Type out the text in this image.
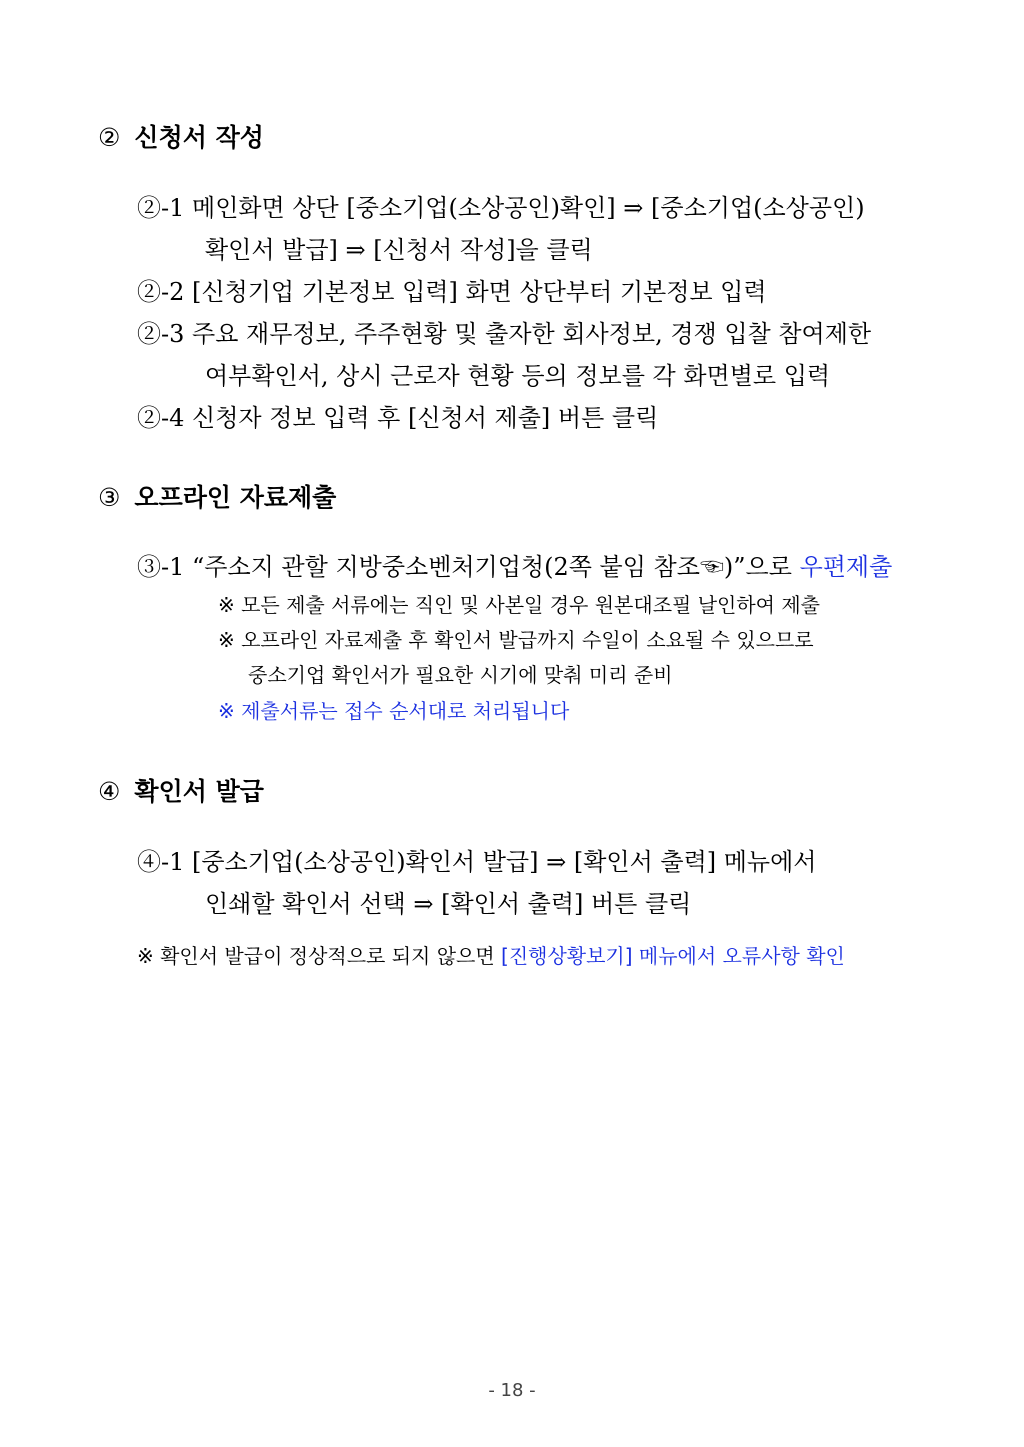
② 신청서 작성
②-1 메인화면 상단 [중소기업(소상공인)확인] ⇒ [중소기업(소상공인)
확인서 발급] ⇒ [신청서 작성]을 클릭
②-2 [신청기업 기본정보 입력] 화면 상단부터 기본정보 입력
②-3 주요 재무정보, 주주현황 및 출자한 회사정보, 경쟁 입찰 참여제한
여부확인서, 상시 근로자 현황 등의 정보를 각 화면별로 입력
②-4 신청자 정보 입력 후 [신청서 제출] 버튼 클릭
③ 오프라인 자료제출
③-1 “주소지 관할 지방중소벤처기업청(2쪽 붙임 참조☜)”으로 우편제출
※ 모든 제출 서류에는 직인 및 사본일 경우 원본대조필 날인하여 제출
※ 오프라인 자료제출 후 확인서 발급까지 수일이 소요될 수 있으므로
중소기업 확인서가 필요한 시기에 맞춰 미리 준비
※ 제출서류는 접수 순서대로 처리됩니다
④ 확인서 발급
④-1 [중소기업(소상공인)확인서 발급] ⇒ [확인서 출력] 메뉴에서
인쇄할 확인서 선택 ⇒ [확인서 출력] 버튼 클릭
※ 확인서 발급이 정상적으로 되지 않으면 [진행상황보기] 메뉴에서 오류사항 확인
- 18 -
